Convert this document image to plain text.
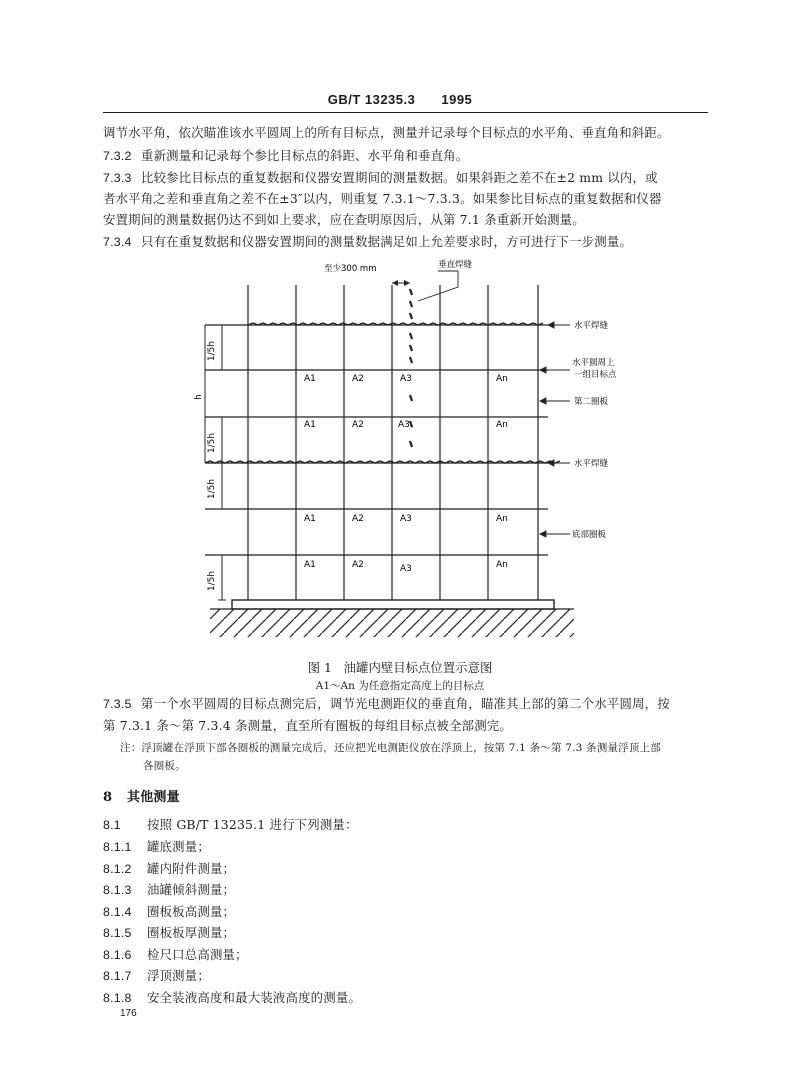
GB/T 13235.3 1995
调节水平角，依次瞄准该水平圆周上的所有目标点，测量并记录每个目标点的水平角、垂直角和斜距。
7.3.2 重新测量和记录每个参比目标点的斜距、水平角和垂直角。
7.3.3 比较参比目标点的重复数据和仪器安置期间的测量数据。如果斜距之差不在±2 mm 以内，或
者水平角之差和垂直角之差不在±3″以内，则重复 7.3.1～7.3.3。如果参比目标点的重复数据和仪器
安置期间的测量数据仍达不到如上要求，应在查明原因后，从第 7.1 条重新开始测量。
7.3.4 只有在重复数据和仪器安置期间的测量数据满足如上允差要求时，方可进行下一步测量。
1/5h
1/5h
1/5h
1/5h
h
至少300 mm	垂直焊缝
水平焊缝
水平圆周上
一组目标点
第二圈板
水平焊缝
底部圈板
A1	A2	A3	An
A1	A2	A3、	An
A1	A2	A3	An
A1	A2	A3	An
图 1 油罐内壁目标点位置示意图
A1～An 为任意指定高度上的目标点
7.3.5 第一个水平圆周的目标点测完后，调节光电测距仪的垂直角，瞄准其上部的第二个水平圆周，按
第 7.3.1 条～第 7.3.4 条测量，直至所有圈板的每组目标点被全部测完。
注：浮顶罐在浮顶下部各圈板的测量完成后，还应把光电测距仪放在浮顶上，按第 7.1 条～第 7.3 条测量浮顶上部
各圈板。
8 其他测量
8.1 按照 GB/T 13235.1 进行下列测量：
8.1.1 罐底测量；
8.1.2 罐内附件测量；
8.1.3 油罐倾斜测量；
8.1.4 圈板板高测量；
8.1.5 圈板板厚测量；
8.1.6 检尺口总高测量；
8.1.7 浮顶测量；
8.1.8 安全装液高度和最大装液高度的测量。
176
